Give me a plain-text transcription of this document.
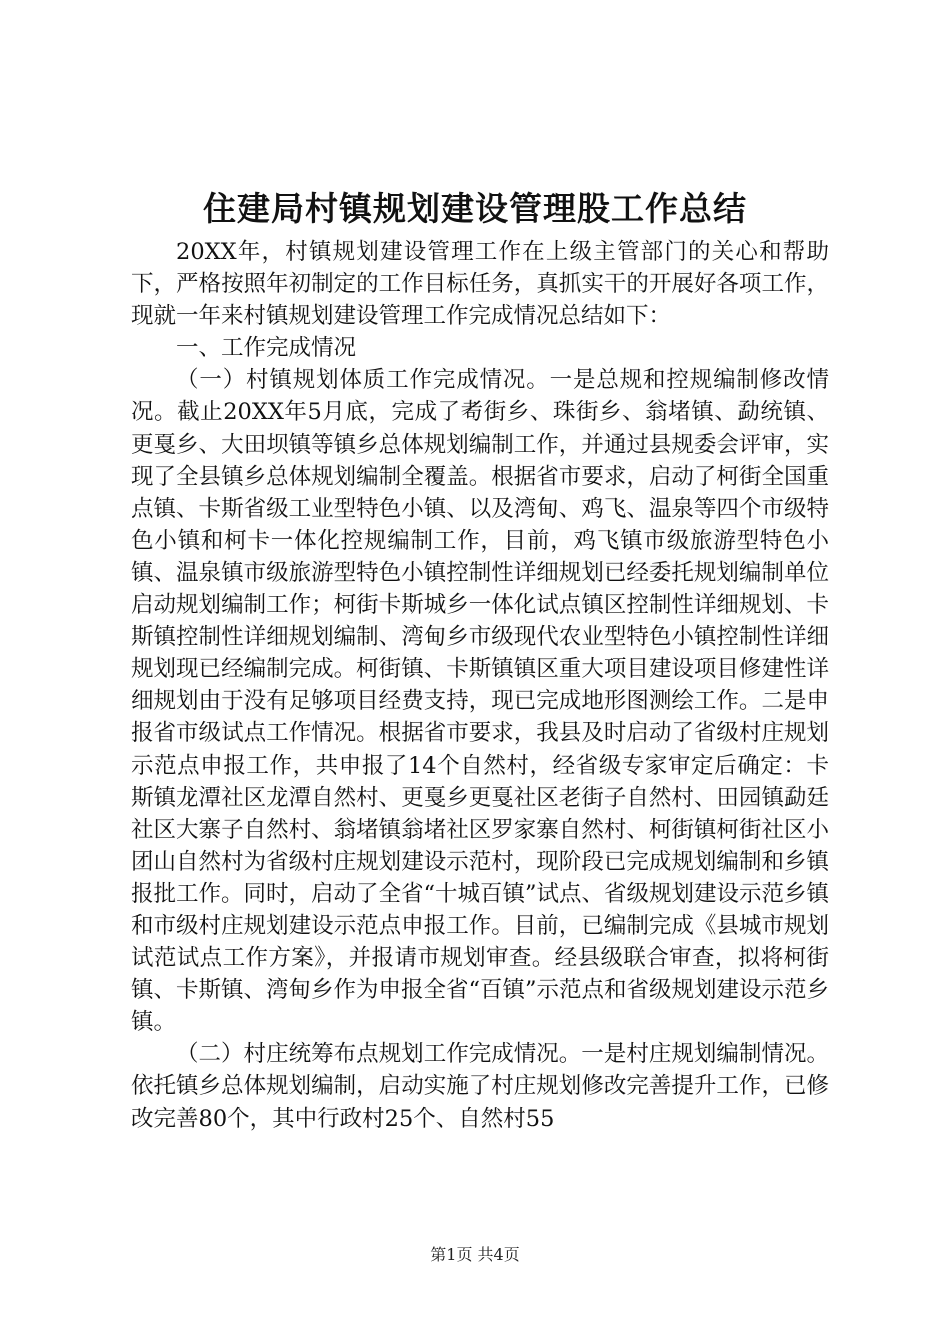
住建局村镇规划建设管理股工作总结

20XX年，村镇规划建设管理工作在上级主管部门的关心和帮助下，严格按照年初制定的工作目标任务，真抓实干的开展好各项工作，现就一年来村镇规划建设管理工作完成情况总结如下：

一、工作完成情况

（一）村镇规划体质工作完成情况。一是总规和控规编制修改情况。截止20XX年5月底，完成了耇街乡、珠街乡、翁堵镇、勐统镇、更戛乡、大田坝镇等镇乡总体规划编制工作，并通过县规委会评审，实现了全县镇乡总体规划编制全覆盖。根据省市要求，启动了柯街全国重点镇、卡斯省级工业型特色小镇、以及湾甸、鸡飞、温泉等四个市级特色小镇和柯卡一体化控规编制工作，目前，鸡飞镇市级旅游型特色小镇、温泉镇市级旅游型特色小镇控制性详细规划已经委托规划编制单位启动规划编制工作；柯街卡斯城乡一体化试点镇区控制性详细规划、卡斯镇控制性详细规划编制、湾甸乡市级现代农业型特色小镇控制性详细规划现已经编制完成。柯街镇、卡斯镇镇区重大项目建设项目修建性详细规划由于没有足够项目经费支持，现已完成地形图测绘工作。二是申报省市级试点工作情况。根据省市要求，我县及时启动了省级村庄规划示范点申报工作，共申报了14个自然村，经省级专家审定后确定：卡斯镇龙潭社区龙潭自然村、更戛乡更戛社区老街子自然村、田园镇勐廷社区大寨子自然村、翁堵镇翁堵社区罗家寨自然村、柯街镇柯街社区小团山自然村为省级村庄规划建设示范村，现阶段已完成规划编制和乡镇报批工作。同时，启动了全省“十城百镇”试点、省级规划建设示范乡镇和市级村庄规划建设示范点申报工作。目前，已编制完成《县城市规划试范试点工作方案》，并报请市规划审查。经县级联合审查，拟将柯街镇、卡斯镇、湾甸乡作为申报全省“百镇”示范点和省级规划建设示范乡镇。

（二）村庄统筹布点规划工作完成情况。一是村庄规划编制情况。依托镇乡总体规划编制，启动实施了村庄规划修改完善提升工作，已修改完善80个，其中行政村25个、自然村55

第1页 共4页
